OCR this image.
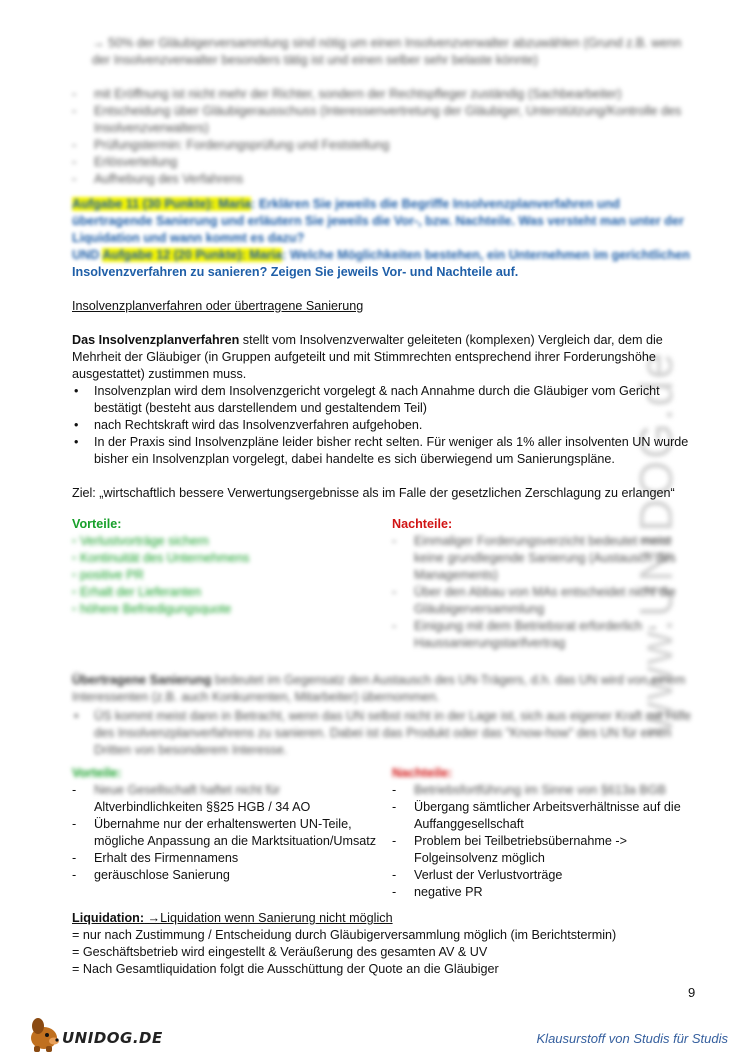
www.UNIDOG.de
→ 50% der Gläubigerversammlung sind nötig um einen Insolvenzverwalter abzuwählen (Grund z.B. wenn der Insolvenzverwalter besonders tätig ist und einen selber sehr belaste könnte)
- mit Eröffnung ist nicht mehr der Richter, sondern der Rechtspfleger zuständig (Sachbearbeiter)
- Entscheidung über Gläubigerausschuss (Interessenvertretung der Gläubiger, Unterstützung/Kontrolle des Insolvenzverwalters)
- Prüfungstermin: Forderungsprüfung und Feststellung
- Erlösverteilung
- Aufhebung des Verfahrens
Aufgabe 11 (30 Punkte): Maria: Erklären Sie jeweils die Begriffe Insolvenzplanverfahren und übertragende Sanierung und erläutern Sie jeweils die Vor-, bzw. Nachteile. Was versteht man unter der Liquidation und wann kommt es dazu?
UND Aufgabe 12 (20 Punkte): Maria: Welche Möglichkeiten bestehen, ein Unternehmen im gerichtlichen
Insolvenzverfahren zu sanieren? Zeigen Sie jeweils Vor- und Nachteile auf.
Insolvenzplanverfahren oder übertragene Sanierung
Das Insolvenzplanverfahren stellt vom Insolvenzverwalter geleiteten (komplexen) Vergleich dar, dem die
Mehrheit der Gläubiger (in Gruppen aufgeteilt und mit Stimmrechten entsprechend ihrer Forderungshöhe
ausgestattet) zustimmen muss.
• Insolvenzplan wird dem Insolvenzgericht vorgelegt & nach Annahme durch die Gläubiger vom Gericht
bestätigt (besteht aus darstellendem und gestaltendem Teil)
• nach Rechtskraft wird das Insolvenzverfahren aufgehoben.
• In der Praxis sind Insolvenzpläne leider bisher recht selten. Für weniger als 1% aller insolventen UN wurde
bisher ein Insolvenzplan vorgelegt, dabei handelte es sich überwiegend um Sanierungspläne.
Ziel: „wirtschaftlich bessere Verwertungsergebnisse als im Falle der gesetzlichen Zerschlagung zu erlangen“
Vorteile:
▫ Verlustvorträge sichern
▫ Kontinuität des Unternehmens
▫ positive PR
▫ Erhalt der Lieferanten
▫ höhere Befriedigungsquote
Nachteile:
- Einmaliger Forderungsverzicht bedeutet meist
keine grundlegende Sanierung (Austausch des
Managements)
- Über den Abbau von MAs entscheidet nicht die
Gläubigerversammlung
- Einigung mit dem Betriebsrat erforderlich →
Haussanierungstarifvertrag
Übertragene Sanierung bedeutet im Gegensatz den Austausch des UN-Trägers, d.h. das UN wird von einem
Interessenten (z.B. auch Konkurrenten, Mitarbeiter) übernommen.
• ÜS kommt meist dann in Betracht, wenn das UN selbst nicht in der Lage ist, sich aus eigener Kraft mit Hilfe
des Insolvenzplanverfahrens zu sanieren. Dabei ist das Produkt oder das "Know-how" des UN für einen
Dritten von besonderem Interesse.
Vorteile:
- Neue Gesellschaft haftet nicht für
Altverbindlichkeiten §§25 HGB / 34 AO
- Übernahme nur der erhaltenswerten UN-Teile,
mögliche Anpassung an die Marktsituation/Umsatz
- Erhalt des Firmennamens
- geräuschlose Sanierung
Nachteile:
- Betriebsfortführung im Sinne von §613a BGB
- Übergang sämtlicher Arbeitsverhältnisse auf die
Auffanggesellschaft
- Problem bei Teilbetriebsübernahme ->
Folgeinsolvenz möglich
- Verlust der Verlustvorträge
- negative PR
Liquidation: →Liquidation wenn Sanierung nicht möglich
= nur nach Zustimmung / Entscheidung durch Gläubigerversammlung möglich (im Berichtstermin)
= Geschäftsbetrieb wird eingestellt & Veräußerung des gesamten AV & UV
= Nach Gesamtliquidation folgt die Ausschüttung der Quote an die Gläubiger
9
UNIDOG.DE	Klausurstoff von Studis für Studis
